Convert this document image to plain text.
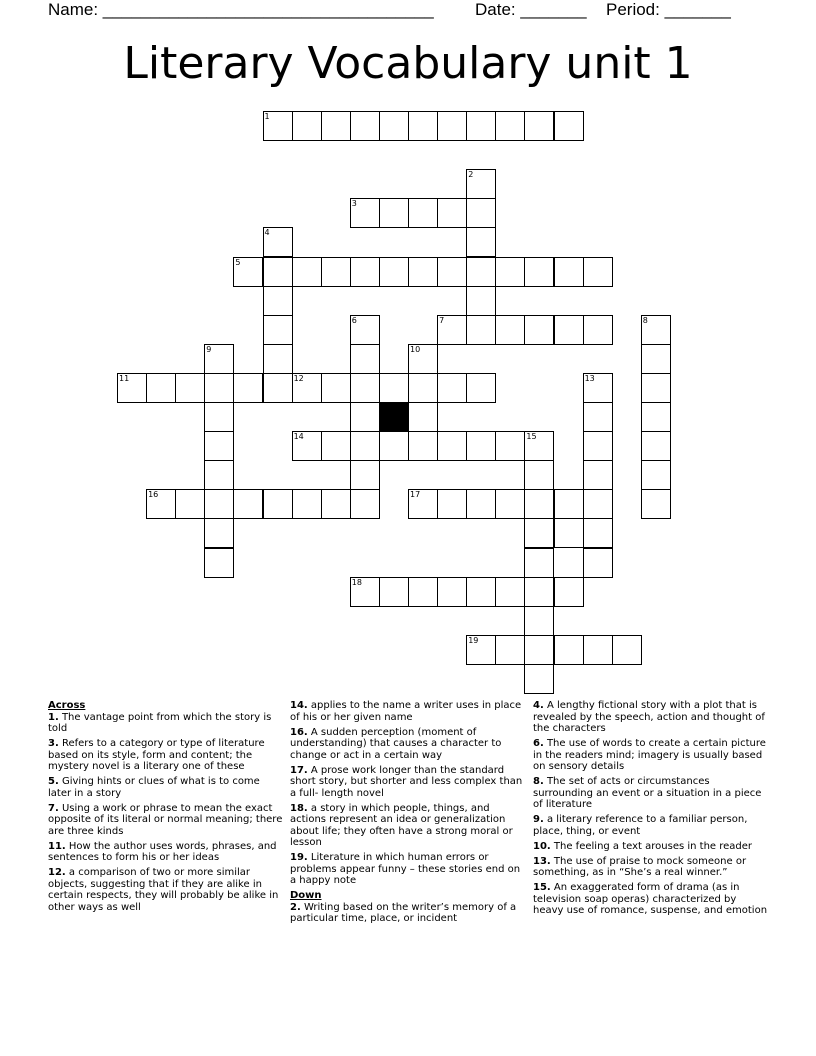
Name: ___________________________________ Date: _______ Period: _______
Literary Vocabulary unit 1
1
2
3
4
5
7
6
10
8
9
11	12	13
14	15
16	17
18
19

Across

1. The vantage point from which the story is told
3. Refers to a category or type of literature based on its style, form and content; the mystery novel is a literary one of these
5. Giving hints or clues of what is to come later in a story
7. Using a work or phrase to mean the exact opposite of its literal or normal meaning; there are three kinds
11. How the author uses words, phrases, and sentences to form his or her ideas
12. a comparison of two or more similar objects, suggesting that if they are alike in certain respects, they will probably be alike in other ways as well
14. applies to the name a writer uses in place of his or her given name
16. A sudden perception (moment of understanding) that causes a character to change or act in a certain way
17. A prose work longer than the standard short story, but shorter and less complex than a full- length novel
18. a story in which people, things, and actions represent an idea or generalization about life; they often have a strong moral or lesson
19. Literature in which human errors or problems appear funny – these stories end on a happy note

Down

2. Writing based on the writer’s memory of a particular time, place, or incident
4. A lengthy fictional story with a plot that is revealed by the speech, action and thought of the characters
6. The use of words to create a certain picture in the readers mind; imagery is usually based on sensory details
8. The set of acts or circumstances surrounding an event or a situation in a piece of literature
9. a literary reference to a familiar person, place, thing, or event
10. The feeling a text arouses in the reader
13. The use of praise to mock someone or something, as in “She’s a real winner.”
15. An exaggerated form of drama (as in television soap operas) characterized by heavy use of romance, suspense, and emotion
